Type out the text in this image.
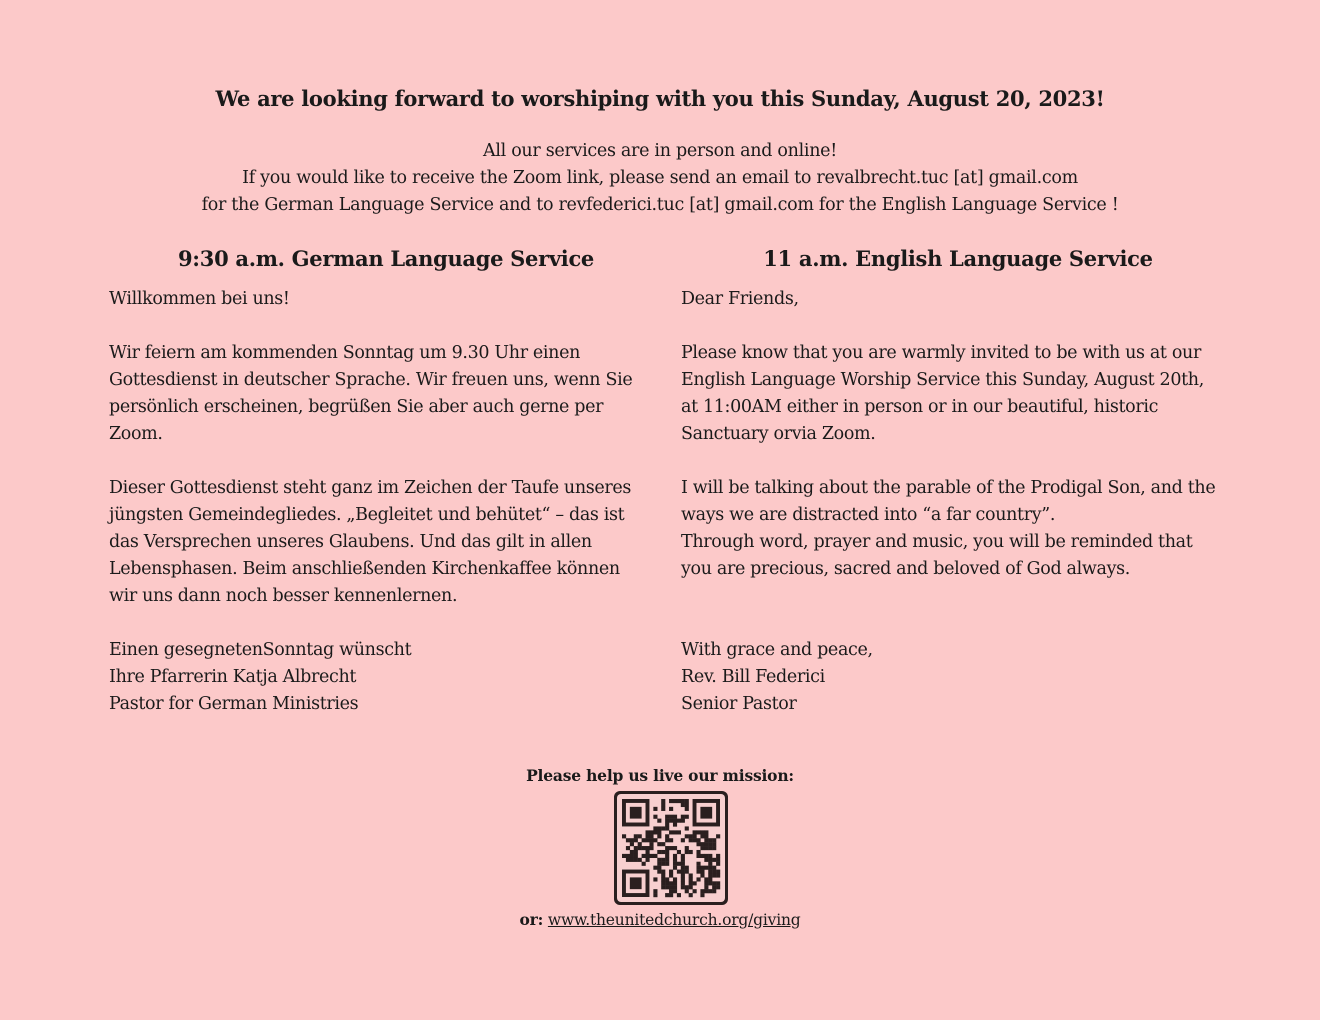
We are looking forward to worshiping with you this Sunday, August 20, 2023!
All our services are in person and online!
If you would like to receive the Zoom link, please send an email to revalbrecht.tuc [at] gmail.com
for the German Language Service and to revfederici.tuc [at] gmail.com for the English Language Service !
9:30 a.m. German Language Service	11 a.m. English Language Service
Willkommen bei uns!
Wir feiern am kommenden Sonntag um 9.30 Uhr einen
Gottesdienst in deutscher Sprache. Wir freuen uns, wenn Sie
persönlich erscheinen, begrüßen Sie aber auch gerne per
Zoom.
Dieser Gottesdienst steht ganz im Zeichen der Taufe unseres
jüngsten Gemeindegliedes. „Begleitet und behütet“ – das ist
das Versprechen unseres Glaubens. Und das gilt in allen
Lebensphasen. Beim anschließenden Kirchenkaffee können
wir uns dann noch besser kennenlernen.
Einen gesegnetenSonntag wünscht
Ihre Pfarrerin Katja Albrecht
Pastor for German Ministries
Dear Friends,
Please know that you are warmly invited to be with us at our
English Language Worship Service this Sunday, August 20th,
at 11:00AM either in person or in our beautiful, historic
Sanctuary orvia Zoom.
I will be talking about the parable of the Prodigal Son, and the
ways we are distracted into “a far country”.
Through word, prayer and music, you will be reminded that
you are precious, sacred and beloved of God always.
With grace and peace,
Rev. Bill Federici
Senior Pastor
Please help us live our mission:
or: www.theunitedchurch.org/giving
